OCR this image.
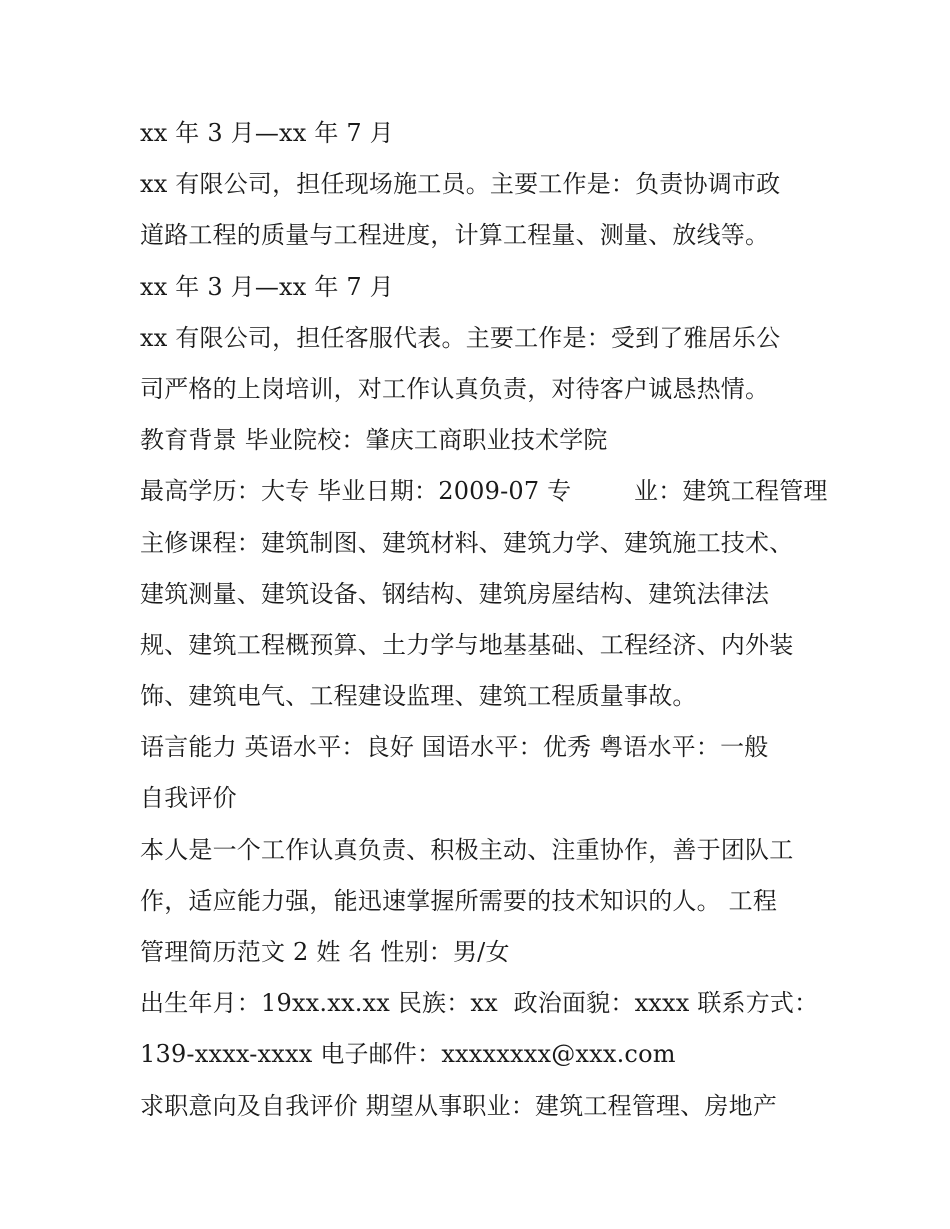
xx 年 3 月—xx 年 7 月
xx 有限公司，担任现场施工员。主要工作是：负责协调市政
道路工程的质量与工程进度，计算工程量、测量、放线等。
xx 年 3 月—xx 年 7 月
xx 有限公司，担任客服代表。主要工作是：受到了雅居乐公
司严格的上岗培训，对工作认真负责，对待客户诚恳热情。
教育背景 毕业院校：肇庆工商职业技术学院
最高学历：大专 毕业日期：2009-07 专        业：建筑工程管理
主修课程：建筑制图、建筑材料、建筑力学、建筑施工技术、
建筑测量、建筑设备、钢结构、建筑房屋结构、建筑法律法
规、建筑工程概预算、土力学与地基基础、工程经济、内外装
饰、建筑电气、工程建设监理、建筑工程质量事故。
语言能力 英语水平：良好 国语水平：优秀 粤语水平：一般
自我评价
本人是一个工作认真负责、积极主动、注重协作，善于团队工
作，适应能力强，能迅速掌握所需要的技术知识的人。 工程
管理简历范文 2 姓 名 性别：男/女
出生年月：19xx.xx.xx 民族：xx  政治面貌：xxxx 联系方式：
139-xxxx-xxxx 电子邮件：xxxxxxxx@xxx.com
求职意向及自我评价 期望从事职业：建筑工程管理、房地产
